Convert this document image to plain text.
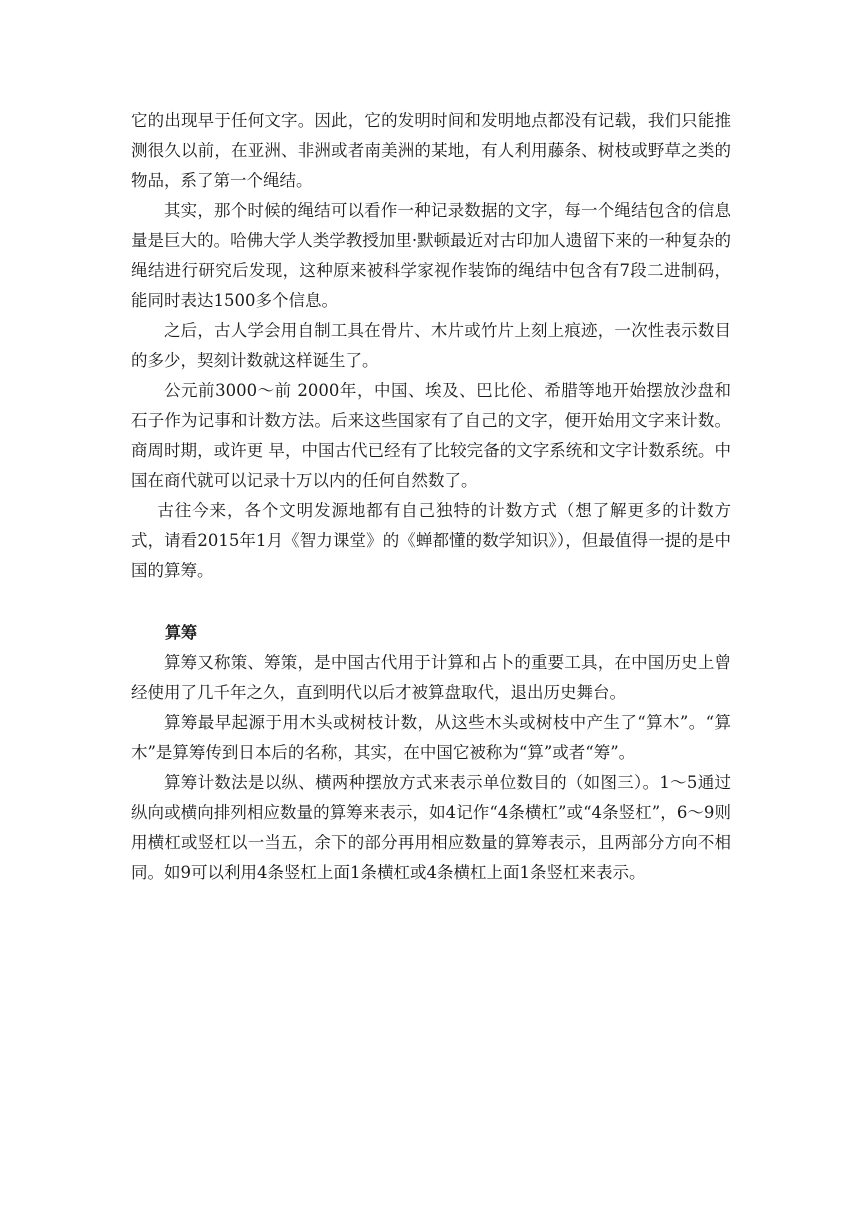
它的出现早于任何文字。因此，它的发明时间和发明地点都没有记载，我们只能推测很久以前，在亚洲、非洲或者南美洲的某地，有人利用藤条、树枝或野草之类的物品，系了第一个绳结。

其实，那个时候的绳结可以看作一种记录数据的文字，每一个绳结包含的信息量是巨大的。哈佛大学人类学教授加里·默顿最近对古印加人遗留下来的一种复杂的绳结进行研究后发现，这种原来被科学家视作装饰的绳结中包含有7段二进制码，能同时表达1500多个信息。

之后，古人学会用自制工具在骨片、木片或竹片上刻上痕迹，一次性表示数目的多少，契刻计数就这样诞生了。

公元前3000～前 2000年，中国、埃及、巴比伦、希腊等地开始摆放沙盘和石子作为记事和计数方法。后来这些国家有了自己的文字，便开始用文字来计数。商周时期，或许更 早，中国古代已经有了比较完备的文字系统和文字计数系统。中国在商代就可以记录十万以内的任何自然数了。

古往今来，各个文明发源地都有自己独特的计数方式（想了解更多的计数方式，请看2015年1月《智力课堂》的《蝉都懂的数学知识》），但最值得一提的是中国的算筹。

算筹

算筹又称策、筹策，是中国古代用于计算和占卜的重要工具，在中国历史上曾经使用了几千年之久，直到明代以后才被算盘取代，退出历史舞台。

算筹最早起源于用木头或树枝计数，从这些木头或树枝中产生了“算木”。“算木”是算筹传到日本后的名称，其实，在中国它被称为“算”或者“筹”。

算筹计数法是以纵、横两种摆放方式来表示单位数目的（如图三）。1～5通过纵向或横向排列相应数量的算筹来表示，如4记作“4条横杠”或“4条竖杠”，6～9则用横杠或竖杠以一当五，余下的部分再用相应数量的算筹表示，且两部分方向不相同。如9可以利用4条竖杠上面1条横杠或4条横杠上面1条竖杠来表示。
